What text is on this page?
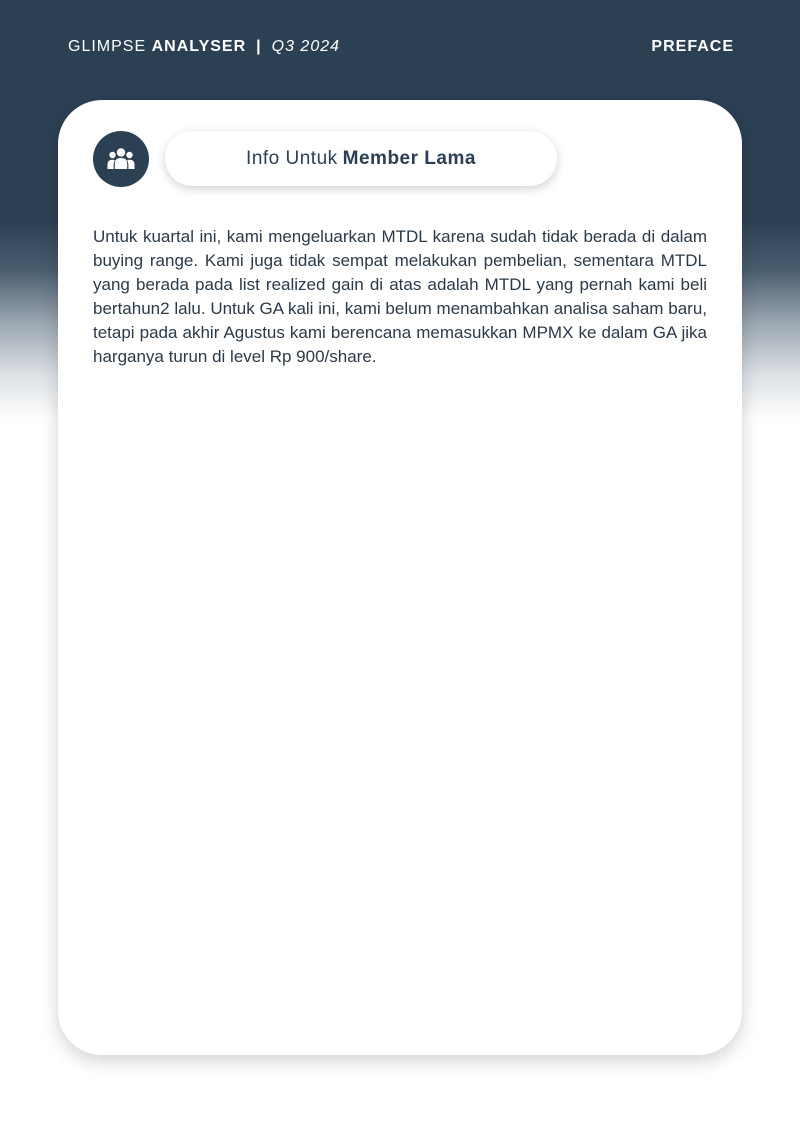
GLIMPSE ANALYSER | Q3 2024	PREFACE
Info Untuk Member Lama

Untuk kuartal ini, kami mengeluarkan MTDL karena sudah tidak berada di dalam buying range. Kami juga tidak sempat melakukan pembelian, sementara MTDL yang berada pada list realized gain di atas adalah MTDL yang pernah kami beli bertahun2 lalu. Untuk GA kali ini, kami belum menambahkan analisa saham baru, tetapi pada akhir Agustus kami berencana memasukkan MPMX ke dalam GA jika harganya turun di level Rp 900/share.
